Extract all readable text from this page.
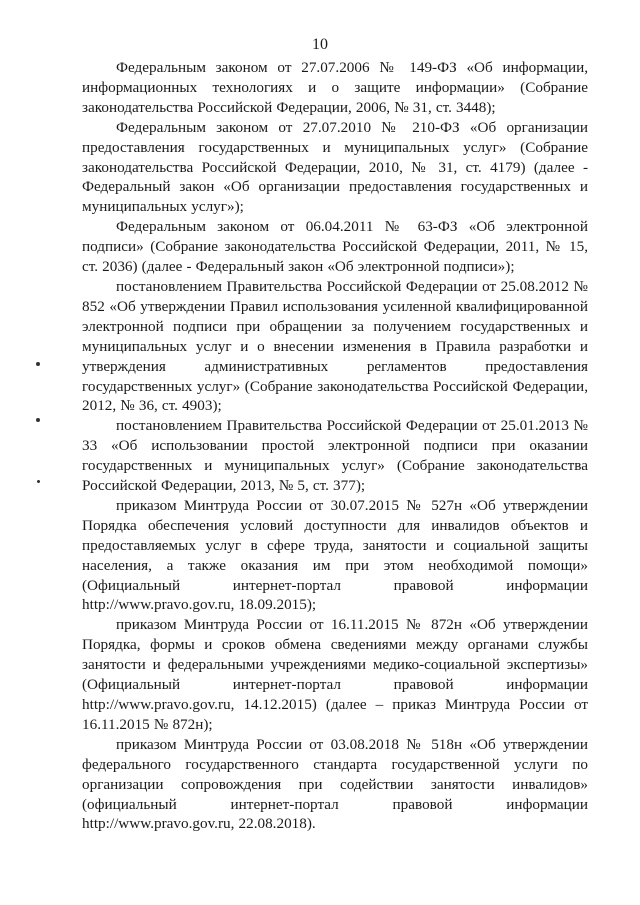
10

Федеральным законом от 27.07.2006 № 149-ФЗ «Об информации, информационных технологиях и о защите информации» (Собрание законодательства Российской Федерации, 2006, № 31, ст. 3448);

Федеральным законом от 27.07.2010 № 210-ФЗ «Об организации предоставления государственных и муниципальных услуг» (Собрание законодательства Российской Федерации, 2010, № 31, ст. 4179) (далее - Федеральный закон «Об организации предоставления государственных и муниципальных услуг»);

Федеральным законом от 06.04.2011 № 63-ФЗ «Об электронной подписи» (Собрание законодательства Российской Федерации, 2011, № 15, ст. 2036) (далее - Федеральный закон «Об электронной подписи»);

постановлением Правительства Российской Федерации от 25.08.2012 № 852 «Об утверждении Правил использования усиленной квалифицированной электронной подписи при обращении за получением государственных и муниципальных услуг и о внесении изменения в Правила разработки и утверждения административных регламентов предоставления государственных услуг» (Собрание законодательства Российской Федерации, 2012, № 36, ст. 4903);

постановлением Правительства Российской Федерации от 25.01.2013 № 33 «Об использовании простой электронной подписи при оказании государственных и муниципальных услуг» (Собрание законодательства Российской Федерации, 2013, № 5, ст. 377);

приказом Минтруда России от 30.07.2015 № 527н «Об утверждении Порядка обеспечения условий доступности для инвалидов объектов и предоставляемых услуг в сфере труда, занятости и социальной защиты населения, а также оказания им при этом необходимой помощи» (Официальный интернет-портал правовой информации http://www.pravo.gov.ru, 18.09.2015);

приказом Минтруда России от 16.11.2015 № 872н «Об утверждении Порядка, формы и сроков обмена сведениями между органами службы занятости и федеральными учреждениями медико-социальной экспертизы» (Официальный интернет-портал правовой информации http://www.pravo.gov.ru, 14.12.2015) (далее – приказ Минтруда России от 16.11.2015 № 872н);

приказом Минтруда России от 03.08.2018 № 518н «Об утверждении федерального государственного стандарта государственной услуги по организации сопровождения при содействии занятости инвалидов» (официальный интернет-портал правовой информации http://www.pravo.gov.ru, 22.08.2018).
